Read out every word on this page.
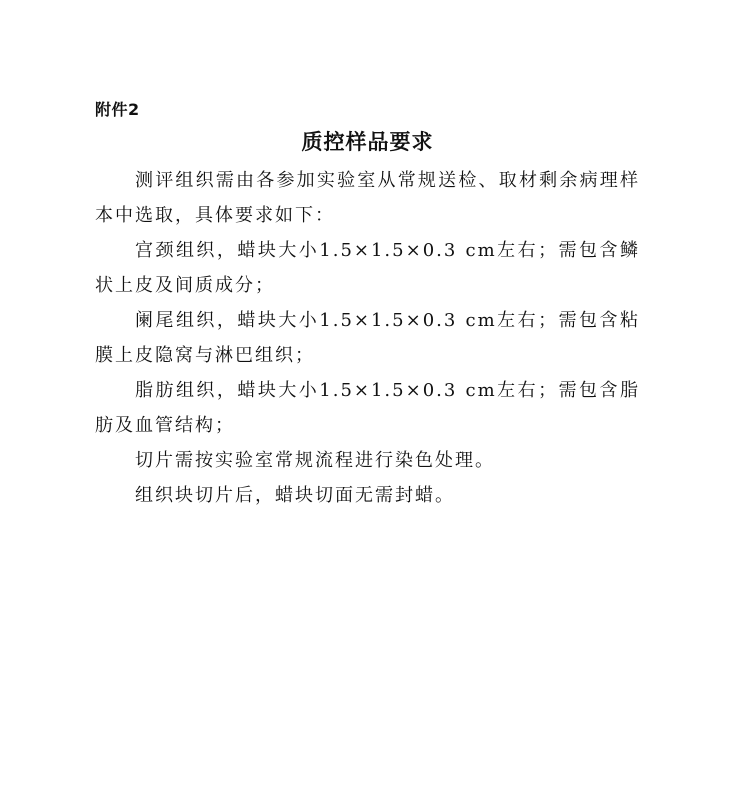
附件2
质控样品要求

测评组织需由各参加实验室从常规送检、取材剩余病理样本中选取，具体要求如下：

宫颈组织，蜡块大小1.5×1.5×0.3 cm左右；需包含鳞状上皮及间质成分；

阑尾组织，蜡块大小1.5×1.5×0.3 cm左右；需包含粘膜上皮隐窝与淋巴组织；

脂肪组织，蜡块大小1.5×1.5×0.3 cm左右；需包含脂肪及血管结构；

切片需按实验室常规流程进行染色处理。

组织块切片后，蜡块切面无需封蜡。
